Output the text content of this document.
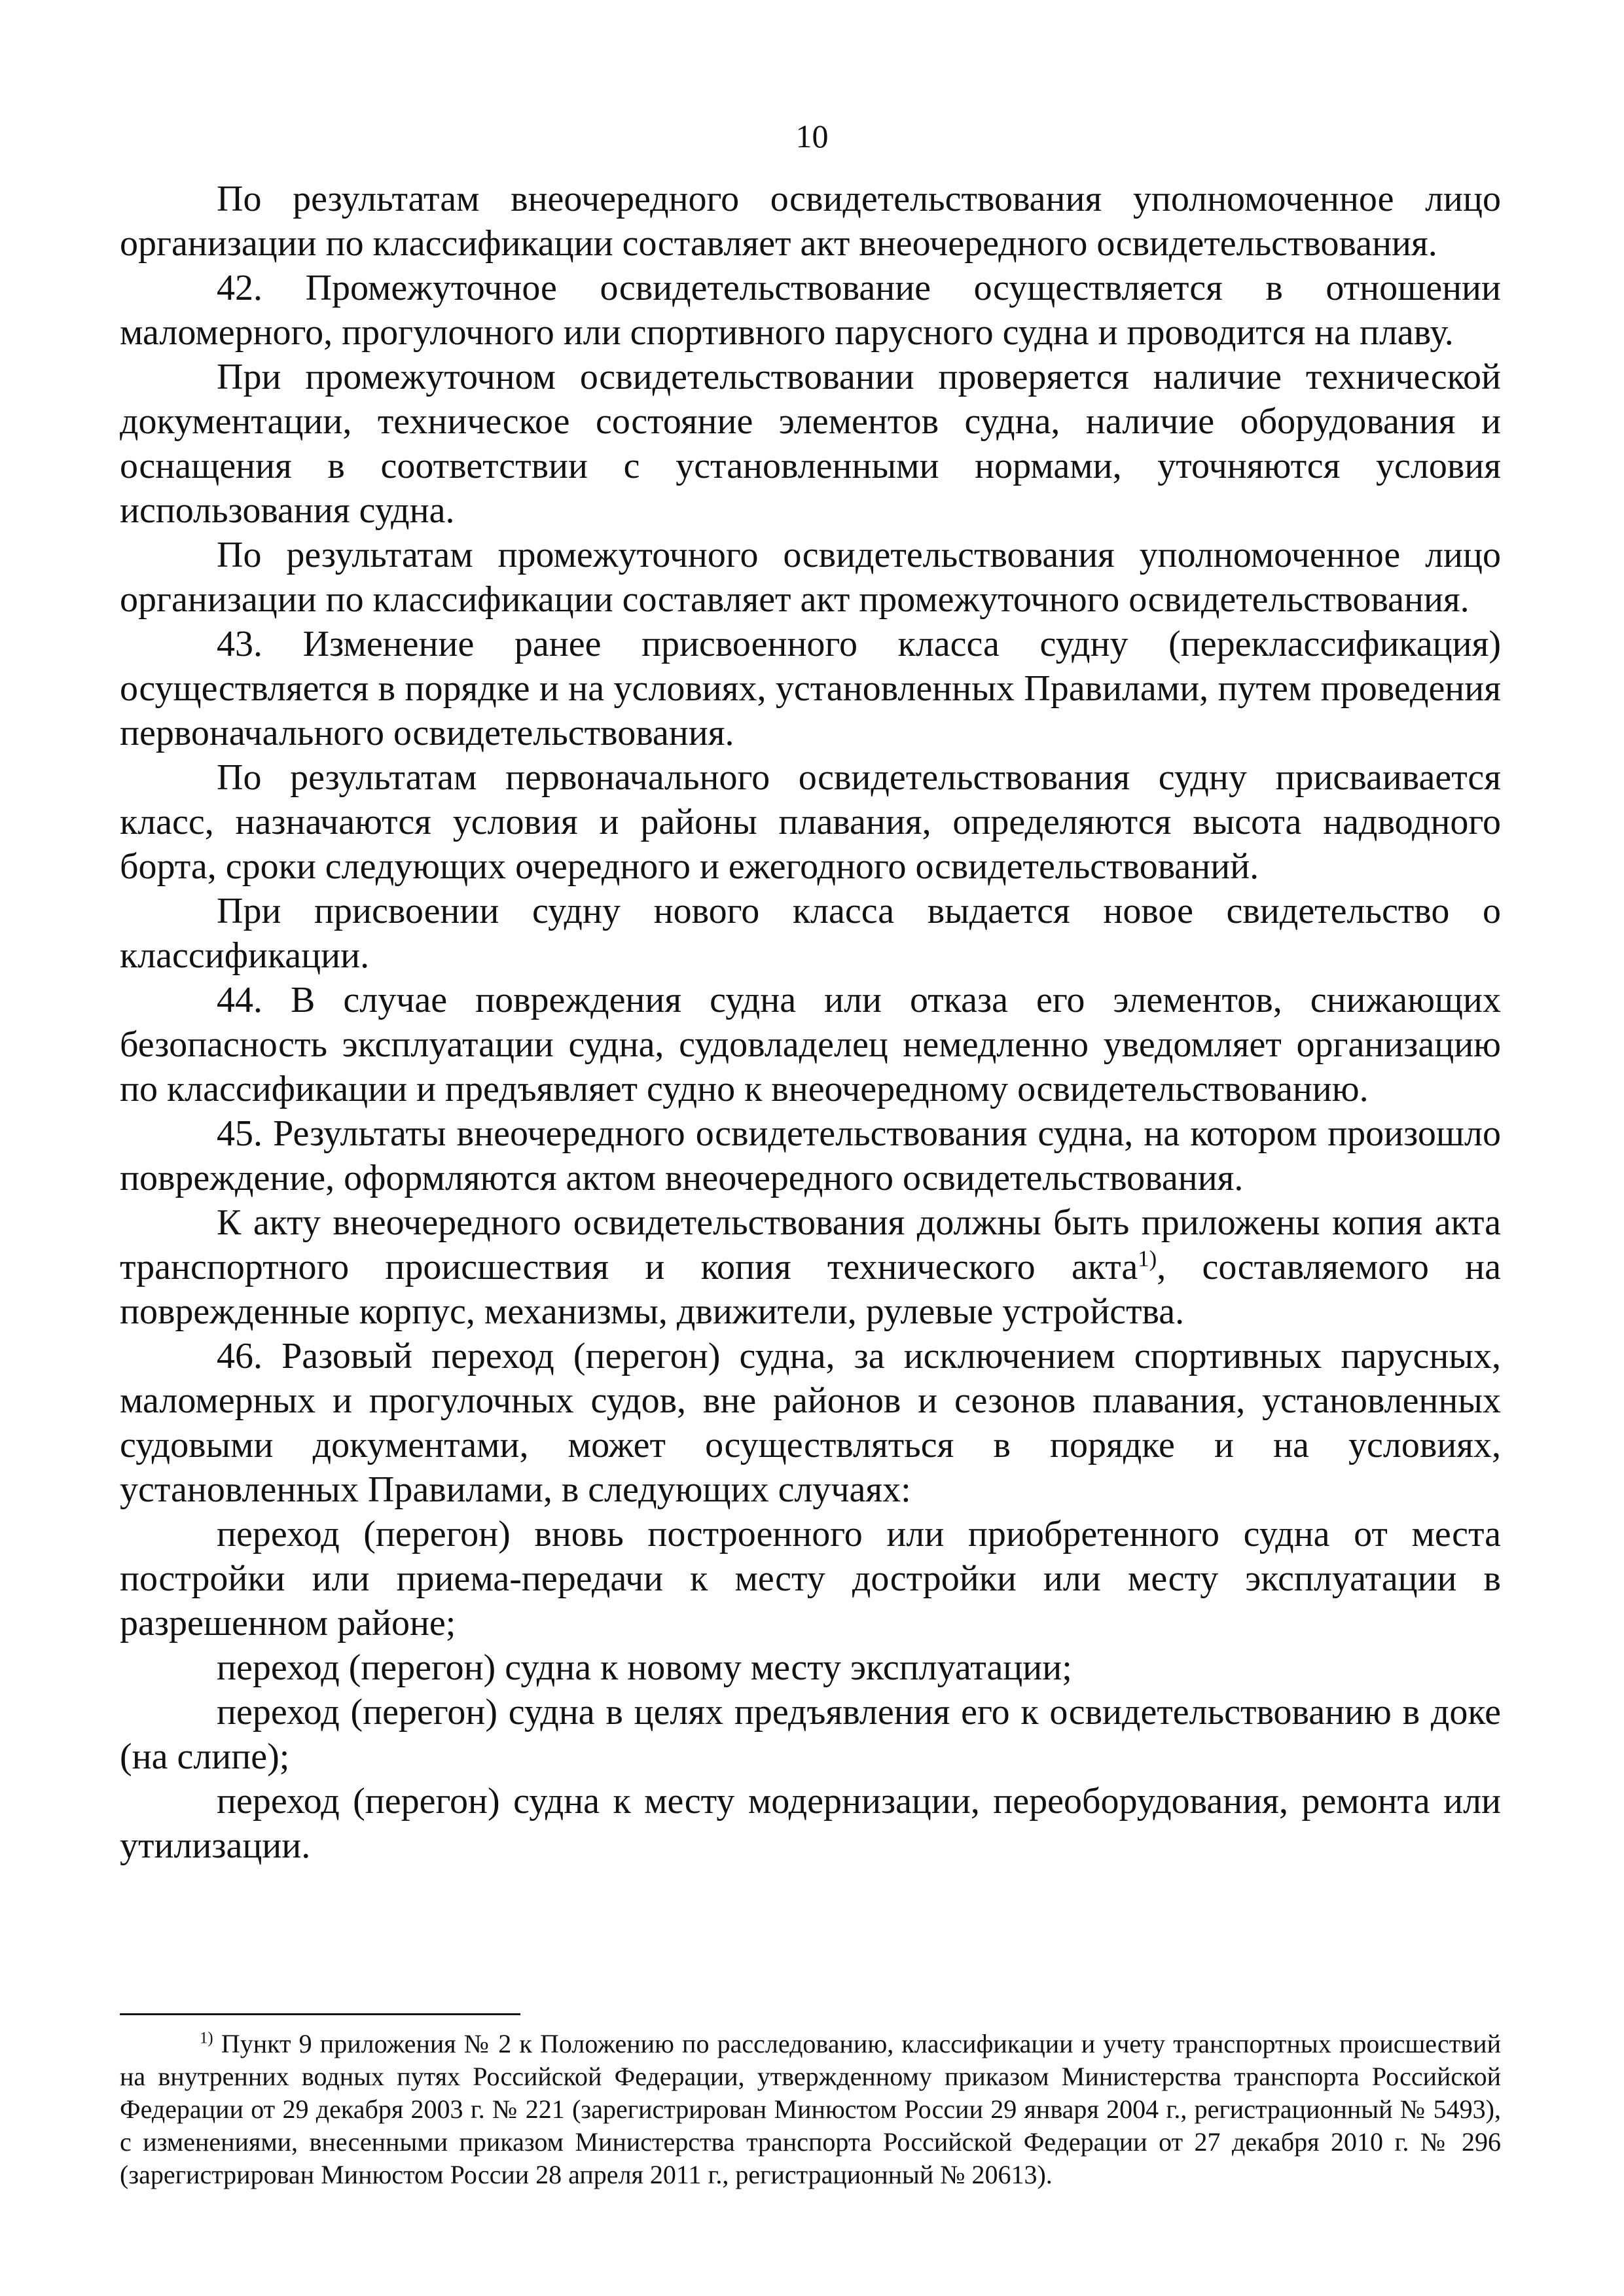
10

По результатам внеочередного освидетельствования уполномоченное лицо организации по классификации составляет акт внеочередного освидетельствования.

42. Промежуточное освидетельствование осуществляется в отношении маломерного, прогулочного или спортивного парусного судна и проводится на плаву.

При промежуточном освидетельствовании проверяется наличие технической документации, техническое состояние элементов судна, наличие оборудования и оснащения в соответствии с установленными нормами, уточняются условия использования судна.

По результатам промежуточного освидетельствования уполномоченное лицо организации по классификации составляет акт промежуточного освидетельствования.

43. Изменение ранее присвоенного класса судну (переклассификация) осуществляется в порядке и на условиях, установленных Правилами, путем проведения первоначального освидетельствования.

По результатам первоначального освидетельствования судну присваивается класс, назначаются условия и районы плавания, определяются высота надводного борта, сроки следующих очередного и ежегодного освидетельствований.

При присвоении судну нового класса выдается новое свидетельство о классификации.

44. В случае повреждения судна или отказа его элементов, снижающих безопасность эксплуатации судна, судовладелец немедленно уведомляет организацию по классификации и предъявляет судно к внеочередному освидетельствованию.

45. Результаты внеочередного освидетельствования судна, на котором произошло повреждение, оформляются актом внеочередного освидетельствования.

К акту внеочередного освидетельствования должны быть приложены копия акта транспортного происшествия и копия технического акта$^{1)}$, составляемого на поврежденные корпус, механизмы, движители, рулевые устройства.

46. Разовый переход (перегон) судна, за исключением спортивных парусных, маломерных и прогулочных судов, вне районов и сезонов плавания, установленных судовыми документами, может осуществляться в порядке и на условиях, установленных Правилами, в следующих случаях:

переход (перегон) вновь построенного или приобретенного судна от места постройки или приема-передачи к месту достройки или месту эксплуатации в разрешенном районе;

переход (перегон) судна к новому месту эксплуатации;

переход (перегон) судна в целях предъявления его к освидетельствованию в доке (на слипе);

переход (перегон) судна к месту модернизации, переоборудования, ремонта или утилизации.

$^{1)}$ Пункт 9 приложения № 2 к Положению по расследованию, классификации и учету транспортных происшествий на внутренних водных путях Российской Федерации, утвержденному приказом Министерства транспорта Российской Федерации от 29 декабря 2003 г. № 221 (зарегистрирован Минюстом России 29 января 2004 г., регистрационный № 5493), с изменениями, внесенными приказом Министерства транспорта Российской Федерации от 27 декабря 2010 г. № 296 (зарегистрирован Минюстом России 28 апреля 2011 г., регистрационный № 20613).
